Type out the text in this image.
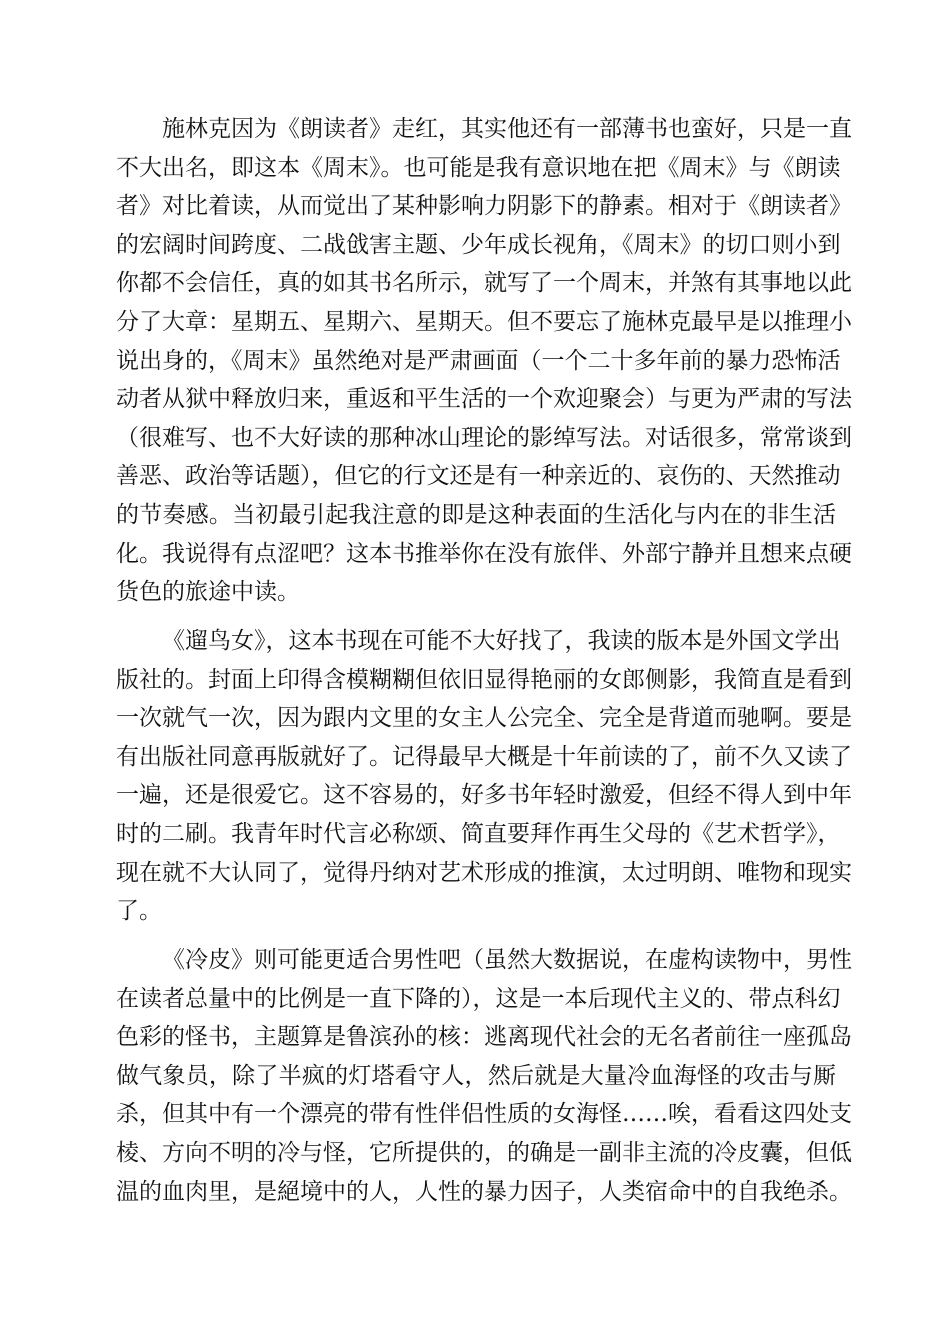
施林克因为《朗读者》走红，其实他还有一部薄书也蛮好，只是一直
不大出名，即这本《周末》。也可能是我有意识地在把《周末》与《朗读
者》对比着读，从而觉出了某种影响力阴影下的静素。相对于《朗读者》
的宏阔时间跨度、二战戗害主题、少年成长视角，《周末》的切口则小到
你都不会信任，真的如其书名所示，就写了一个周末，并煞有其事地以此
分了大章：星期五、星期六、星期天。但不要忘了施林克最早是以推理小
说出身的，《周末》虽然绝对是严肃画面（一个二十多年前的暴力恐怖活
动者从狱中释放归来，重返和平生活的一个欢迎聚会）与更为严肃的写法
（很难写、也不大好读的那种冰山理论的影绰写法。对话很多，常常谈到
善恶、政治等话题），但它的行文还是有一种亲近的、哀伤的、天然推动
的节奏感。当初最引起我注意的即是这种表面的生活化与内在的非生活
化。我说得有点涩吧？这本书推举你在没有旅伴、外部宁静并且想来点硬
货色的旅途中读。
《遛鸟女》，这本书现在可能不大好找了，我读的版本是外国文学出
版社的。封面上印得含模糊糊但依旧显得艳丽的女郎侧影，我简直是看到
一次就气一次，因为跟内文里的女主人公完全、完全是背道而驰啊。要是
有出版社同意再版就好了。记得最早大概是十年前读的了，前不久又读了
一遍，还是很爱它。这不容易的，好多书年轻时激爱，但经不得人到中年
时的二刷。我青年时代言必称颂、简直要拜作再生父母的《艺术哲学》，
现在就不大认同了，觉得丹纳对艺术形成的推演，太过明朗、唯物和现实
了。
《冷皮》则可能更适合男性吧（虽然大数据说，在虚构读物中，男性
在读者总量中的比例是一直下降的），这是一本后现代主义的、带点科幻
色彩的怪书，主题算是鲁滨孙的核：逃离现代社会的无名者前往一座孤岛
做气象员，除了半疯的灯塔看守人，然后就是大量冷血海怪的攻击与厮
杀，但其中有一个漂亮的带有性伴侣性质的女海怪……唉，看看这四处支
棱、方向不明的冷与怪，它所提供的，的确是一副非主流的冷皮囊，但低
温的血肉里，是絕境中的人，人性的暴力因子，人类宿命中的自我绝杀。
